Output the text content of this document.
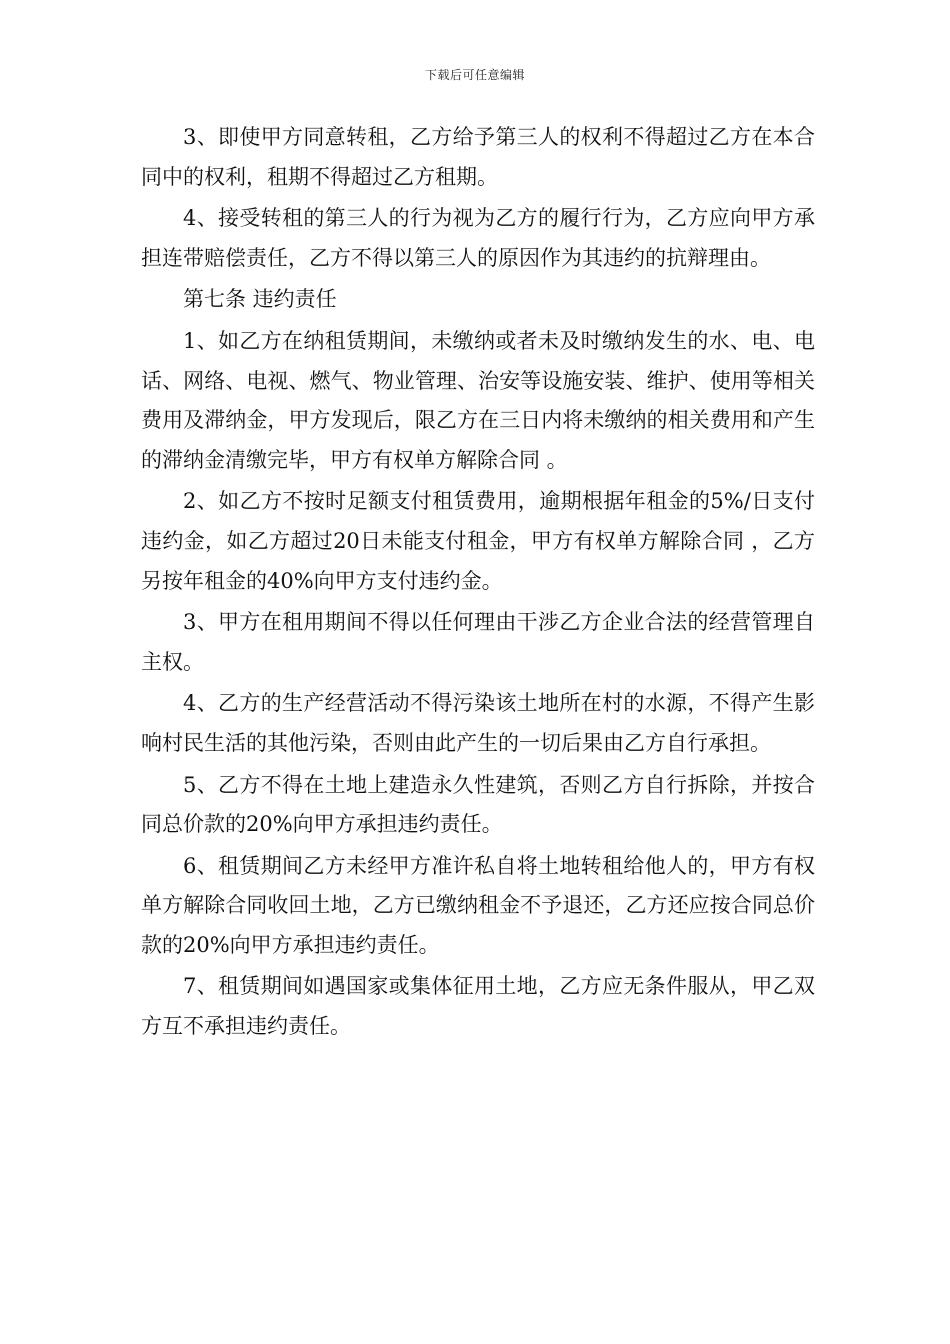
下载后可任意编辑

3、即使甲方同意转租，乙方给予第三人的权利不得超过乙方在本合同中的权利，租期不得超过乙方租期。

4、接受转租的第三人的行为视为乙方的履行行为，乙方应向甲方承担连带赔偿责任，乙方不得以第三人的原因作为其违约的抗辩理由。

第七条 违约责任

1、如乙方在纳租赁期间，未缴纳或者未及时缴纳发生的水、电、电话、网络、电视、燃气、物业管理、治安等设施安装、维护、使用等相关费用及滞纳金，甲方发现后，限乙方在三日内将未缴纳的相关费用和产生的滞纳金清缴完毕，甲方有权单方解除合同 。

2、如乙方不按时足额支付租赁费用，逾期根据年租金的5%/日支付违约金，如乙方超过20日未能支付租金，甲方有权单方解除合同 ，乙方另按年租金的40%向甲方支付违约金。

3、甲方在租用期间不得以任何理由干涉乙方企业合法的经营管理自主权。

4、乙方的生产经营活动不得污染该土地所在村的水源，不得产生影响村民生活的其他污染，否则由此产生的一切后果由乙方自行承担。

5、乙方不得在土地上建造永久性建筑，否则乙方自行拆除，并按合同总价款的20%向甲方承担违约责任。

6、租赁期间乙方未经甲方准许私自将土地转租给他人的，甲方有权单方解除合同收回土地，乙方已缴纳租金不予退还，乙方还应按合同总价款的20%向甲方承担违约责任。

7、租赁期间如遇国家或集体征用土地，乙方应无条件服从，甲乙双方互不承担违约责任。
